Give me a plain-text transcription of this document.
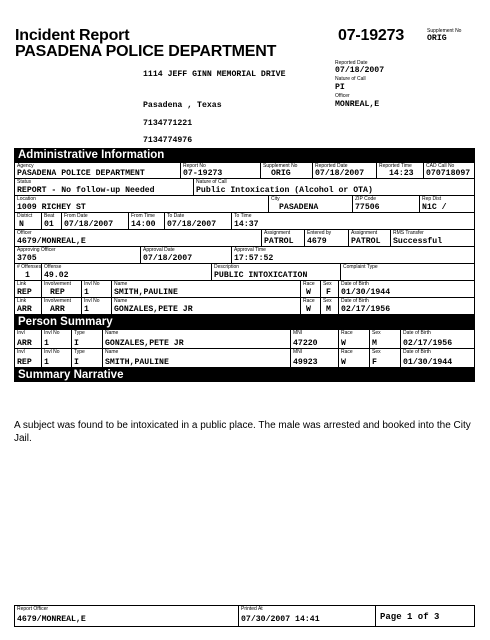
Incident Report
PASADENA POLICE DEPARTMENT
07-19273	Supplement No
ORIG
1114 JEFF GINN MEMORIAL DRIVE
Reported Date
07/18/2007
Nature of Call
PI
Officer
MONREAL,E
Pasadena , Texas
7134771221
7134774976
Administrative Information
Agency
PASADENA POLICE DEPARTMENT
Report No
07-19273
Supplement No
ORIG
Reported Date
07/18/2007
Reported Time
14:23
CAD Call No
070718097
Status
REPORT - No follow-up Needed
Nature of Call
Public Intoxication (Alcohol or OTA)
Location
1009 RICHEY ST
City
PASADENA
ZIP Code
77506
Rep Dist
N1C /
District
N
Beat
01
From Date
07/18/2007
From Time
14:00
To Date
07/18/2007
To Time
14:37
Officer
4679/MONREAL,E
Assignment
PATROL
Entered by
4679
Assignment
PATROL
RMS Transfer
Successful
Approving Officer
3705
Approval Date
07/18/2007
Approval Time
17:57:52
# Offenses
1
Offense
49.02
Description
PUBLIC INTOXICATION
Complaint Type
Link
REP
Involvement
REP
Invl No
1
Name
SMITH,PAULINE
Race
W
Sex
F
Date of Birth
01/30/1944
Link
ARR
Involvement
ARR
Invl No
1
Name
GONZALES,PETE JR
Race
W
Sex
M
Date of Birth
02/17/1956
Person Summary
Invl
ARR
Invl No
1
Type
I
Name
GONZALES,PETE JR
MNI
47220
Race
W
Sex
M
Date of Birth
02/17/1956
Invl
REP
Invl No
1
Type
I
Name
SMITH,PAULINE
MNI
49923
Race
W
Sex
F
Date of Birth
01/30/1944
Summary Narrative
A subject was found to be intoxicated in a public place. The male was arrested and booked into the City Jail.
Report Officer
4679/MONREAL,E
Printed At
07/30/2007 14:41	Page 1 of 3
